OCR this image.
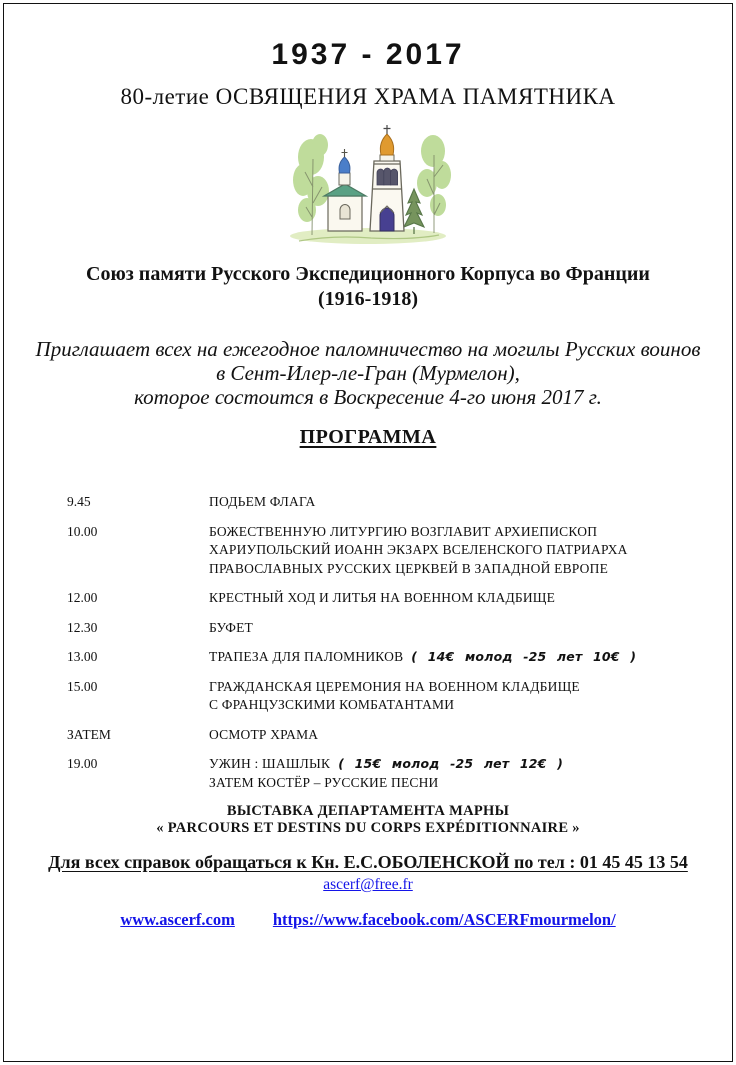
1937 - 2017
80-летие ОСВЯЩЕНИЯ ХРАМА ПАМЯТНИКА
Союз памяти Русского Экспедиционного Корпуса во Франции
(1916-1918)
Приглашает всех на ежегодное паломничество на могилы Русских воинов
в Сент-Илер-ле-Гран (Мурмелон),
которое состоится в Воскресение 4-го июня 2017 г.
ПРОГРАММА
9.45	ПОДЬЕМ ФЛАГА
10.00	БОЖЕСТВЕННУЮ ЛИТУРГИЮ ВОЗГЛАВИТ АРХИЕПИСКОП
ХАРИУПОЛЬСКИЙ ИОАНН ЭКЗАРХ ВСЕЛЕНСКОГО ПАТРИАРХА
ПРАВОСЛАВНЫХ РУССКИХ ЦЕРКВЕЙ В ЗАПАДНОЙ ЕВРОПЕ
12.00	КРЕСТНЫЙ ХОД И ЛИТЬЯ НА ВОЕННОМ КЛАДБИЩЕ
12.30	БУФЕТ
13.00	ТРАПЕЗА ДЛЯ ПАЛОМНИКОВ ( 14€ молод -25 лет 10€ )
15.00	ГРАЖДАНСКАЯ ЦЕРЕМОНИЯ НА ВОЕННОМ КЛАДБИЩЕ
С ФРАНЦУЗСКИМИ КОМБАТАНТАМИ
ЗАТЕМ	ОСМОТР ХРАМА
19.00	УЖИН : ШАШЛЫК ( 15€ молод -25 лет 12€ )
ЗАТЕМ КОСТЁР – РУССКИЕ ПЕСНИ
ВЫСТАВКА ДЕПАРТАМЕНТА МАРНЫ
« PARCOURS ET DESTINS DU CORPS EXPÉDITIONNAIRE »
Для всех справок обращаться к Кн. Е.С.ОБОЛЕНСКОЙ по тел : 01 45 45 13 54
ascerf@free.fr
www.ascerf.com https://www.facebook.com/ASCERFmourmelon/
